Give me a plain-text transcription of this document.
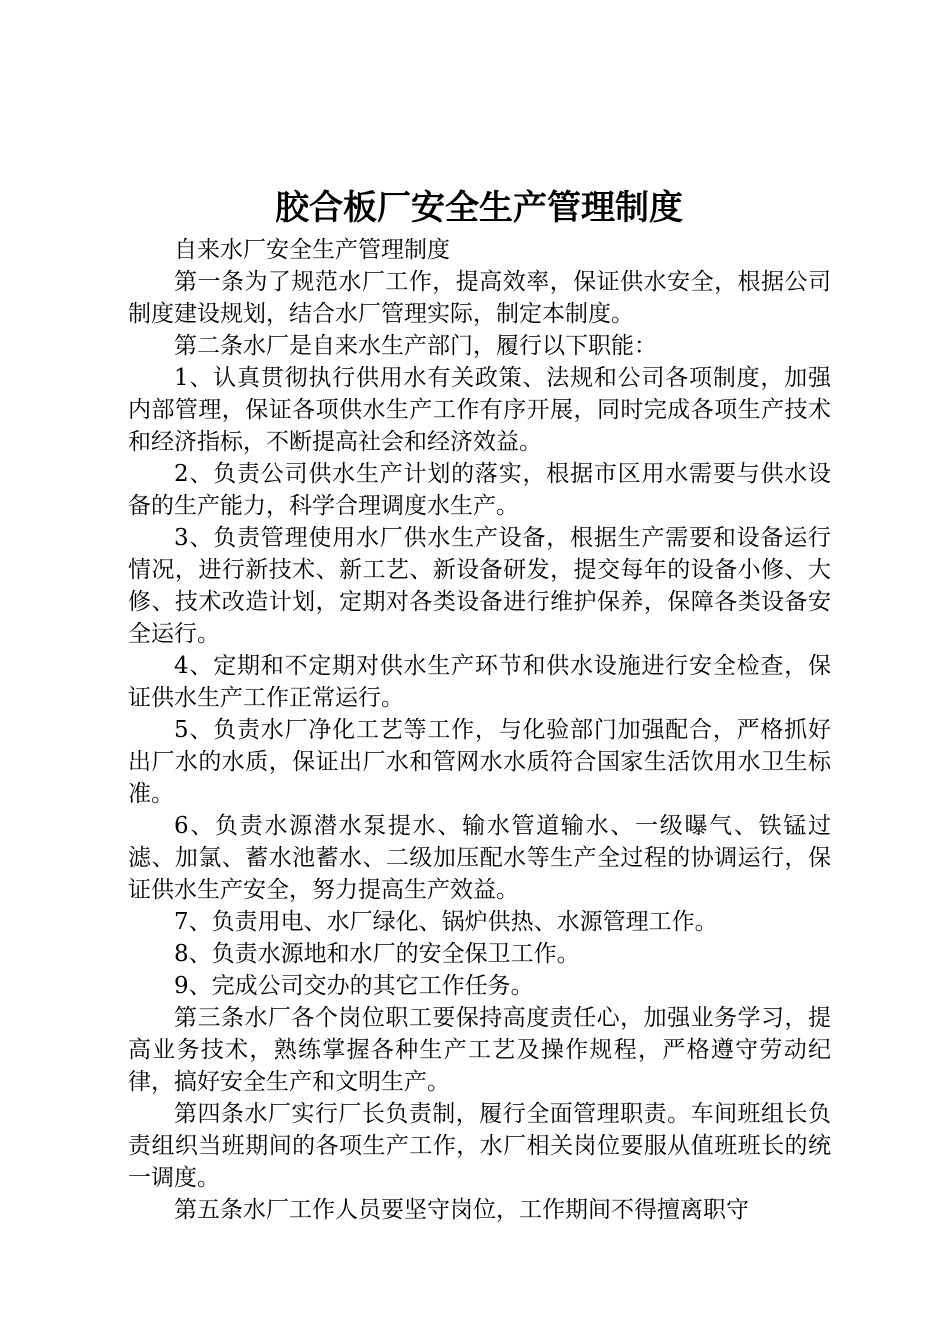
胶合板厂安全生产管理制度

自来水厂安全生产管理制度

第一条为了规范水厂工作，提高效率，保证供水安全，根据公司制度建设规划，结合水厂管理实际，制定本制度。

第二条水厂是自来水生产部门，履行以下职能：

1、认真贯彻执行供用水有关政策、法规和公司各项制度，加强内部管理，保证各项供水生产工作有序开展，同时完成各项生产技术和经济指标，不断提高社会和经济效益。

2、负责公司供水生产计划的落实，根据市区用水需要与供水设备的生产能力，科学合理调度水生产。

3、负责管理使用水厂供水生产设备，根据生产需要和设备运行情况，进行新技术、新工艺、新设备研发，提交每年的设备小修、大修、技术改造计划，定期对各类设备进行维护保养，保障各类设备安全运行。

4、定期和不定期对供水生产环节和供水设施进行安全检查，保证供水生产工作正常运行。

5、负责水厂净化工艺等工作，与化验部门加强配合，严格抓好出厂水的水质，保证出厂水和管网水水质符合国家生活饮用水卫生标准。

6、负责水源潜水泵提水、输水管道输水、一级曝气、铁锰过滤、加氯、蓄水池蓄水、二级加压配水等生产全过程的协调运行，保证供水生产安全，努力提高生产效益。

7、负责用电、水厂绿化、锅炉供热、水源管理工作。

8、负责水源地和水厂的安全保卫工作。

9、完成公司交办的其它工作任务。

第三条水厂各个岗位职工要保持高度责任心，加强业务学习，提高业务技术，熟练掌握各种生产工艺及操作规程，严格遵守劳动纪律，搞好安全生产和文明生产。

第四条水厂实行厂长负责制，履行全面管理职责。车间班组长负责组织当班期间的各项生产工作，水厂相关岗位要服从值班班长的统一调度。

第五条水厂工作人员要坚守岗位，工作期间不得擅离职守
